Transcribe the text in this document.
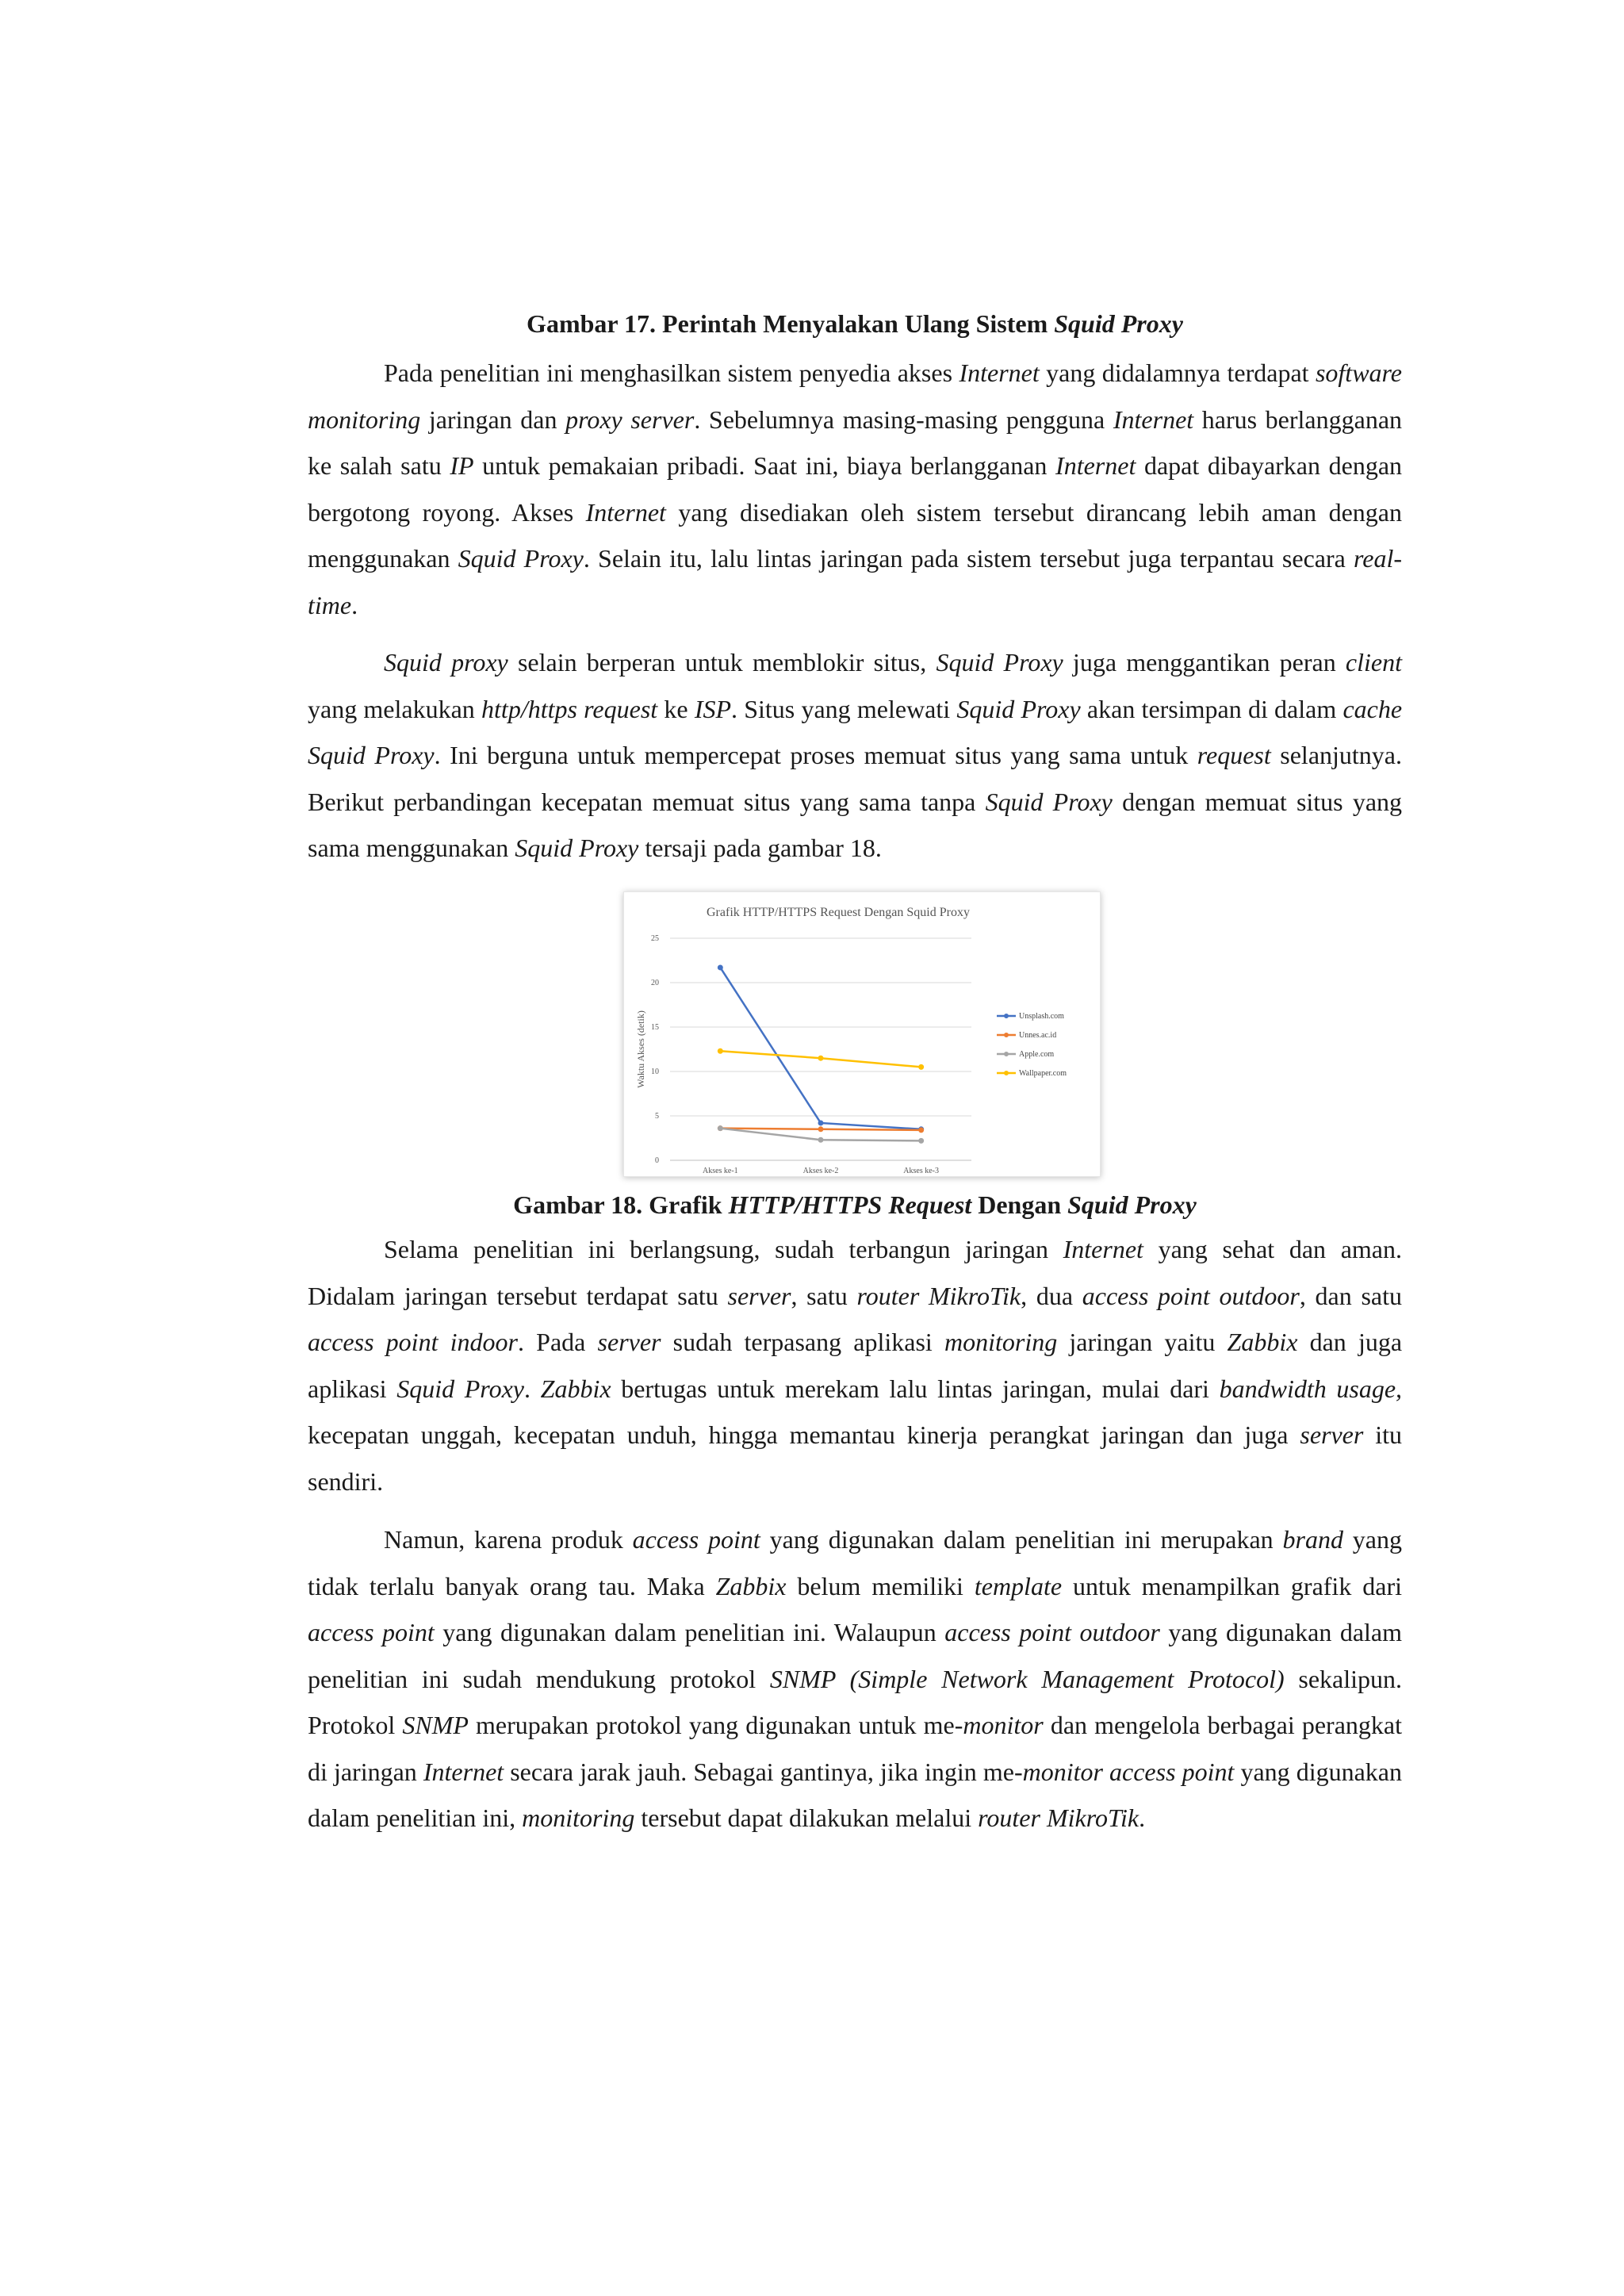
Gambar 17. Perintah Menyalakan Ulang Sistem Squid Proxy

Pada penelitian ini menghasilkan sistem penyedia akses Internet yang didalamnya terdapat software monitoring jaringan dan proxy server. Sebelumnya masing-masing pengguna Internet harus berlangganan ke salah satu IP untuk pemakaian pribadi. Saat ini, biaya berlangganan Internet dapat dibayarkan dengan bergotong royong. Akses Internet yang disediakan oleh sistem tersebut dirancang lebih aman dengan menggunakan Squid Proxy. Selain itu, lalu lintas jaringan pada sistem tersebut juga terpantau secara real-time.

Squid proxy selain berperan untuk memblokir situs, Squid Proxy juga menggantikan peran client yang melakukan http/https request ke ISP. Situs yang melewati Squid Proxy akan tersimpan di dalam cache Squid Proxy. Ini berguna untuk mempercepat proses memuat situs yang sama untuk request selanjutnya. Berikut perbandingan kecepatan memuat situs yang sama tanpa Squid Proxy dengan memuat situs yang sama menggunakan Squid Proxy tersaji pada gambar 18.

Grafik HTTP/HTTPS Request Dengan Squid Proxy
Waktu Akses (detik)
0
5
10
15
20
25
Akses ke-1	Akses ke-2	Akses ke-3
Unsplash.com
Unnes.ac.id
Apple.com
Wallpaper.com
Gambar 18. Grafik HTTP/HTTPS Request Dengan Squid Proxy

Selama penelitian ini berlangsung, sudah terbangun jaringan Internet yang sehat dan aman. Didalam jaringan tersebut terdapat satu server, satu router MikroTik, dua access point outdoor, dan satu access point indoor. Pada server sudah terpasang aplikasi monitoring jaringan yaitu Zabbix dan juga aplikasi Squid Proxy. Zabbix bertugas untuk merekam lalu lintas jaringan, mulai dari bandwidth usage, kecepatan unggah, kecepatan unduh, hingga memantau kinerja perangkat jaringan dan juga server itu sendiri.

Namun, karena produk access point yang digunakan dalam penelitian ini merupakan brand yang tidak terlalu banyak orang tau. Maka Zabbix belum memiliki template untuk menampilkan grafik dari access point yang digunakan dalam penelitian ini. Walaupun access point outdoor yang digunakan dalam penelitian ini sudah mendukung protokol SNMP (Simple Network Management Protocol) sekalipun. Protokol SNMP merupakan protokol yang digunakan untuk me-monitor dan mengelola berbagai perangkat di jaringan Internet secara jarak jauh. Sebagai gantinya, jika ingin me-monitor access point yang digunakan dalam penelitian ini, monitoring tersebut dapat dilakukan melalui router MikroTik.
